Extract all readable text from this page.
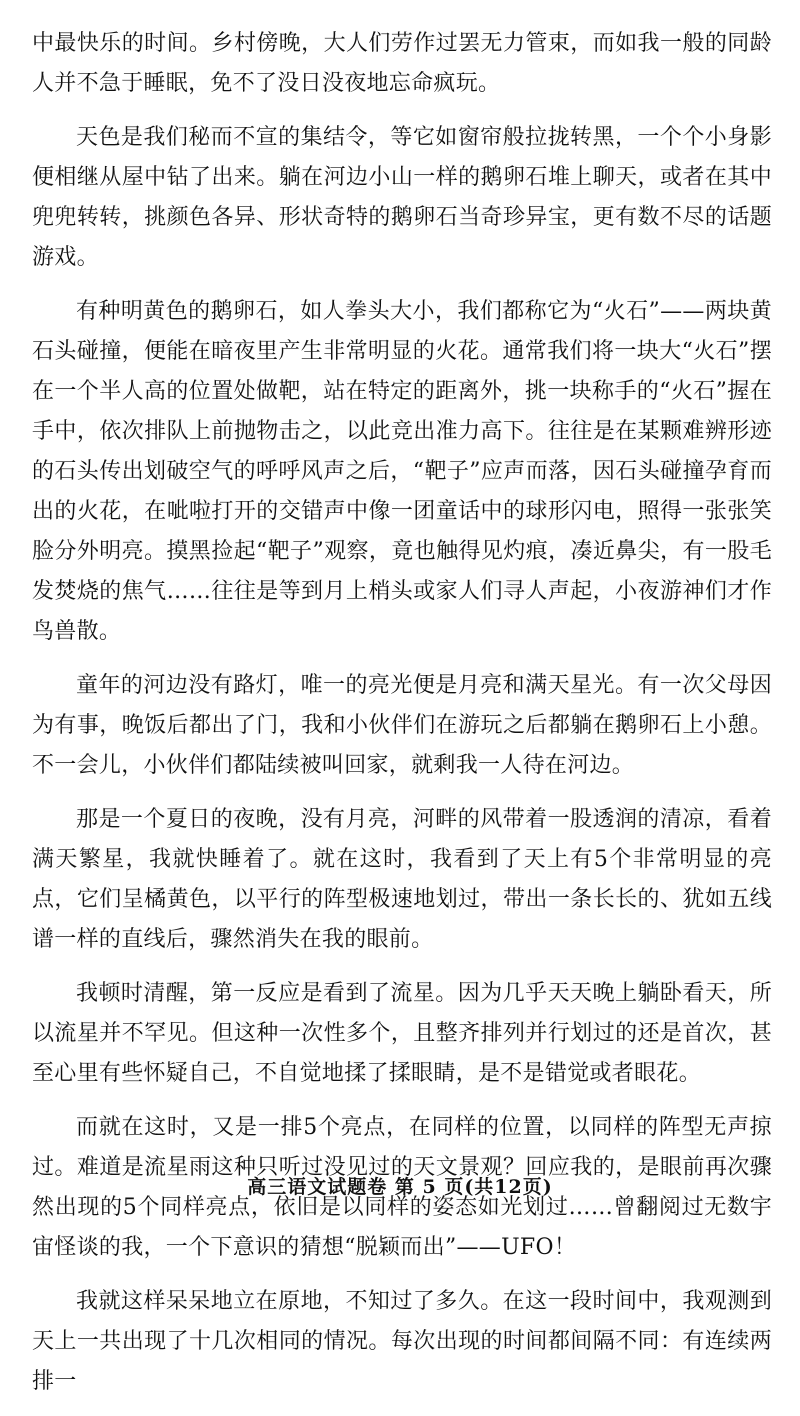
中最快乐的时间。乡村傍晚，大人们劳作过罢无力管束，而如我一般的同龄人并不急于睡眠，免不了没日没夜地忘命疯玩。

天色是我们秘而不宣的集结令，等它如窗帘般拉拢转黑，一个个小身影便相继从屋中钻了出来。躺在河边小山一样的鹅卵石堆上聊天，或者在其中兜兜转转，挑颜色各异、形状奇特的鹅卵石当奇珍异宝，更有数不尽的话题游戏。

有种明黄色的鹅卵石，如人拳头大小，我们都称它为“火石”——两块黄石头碰撞，便能在暗夜里产生非常明显的火花。通常我们将一块大“火石”摆在一个半人高的位置处做靶，站在特定的距离外，挑一块称手的“火石”握在手中，依次排队上前抛物击之，以此竞出准力高下。往往是在某颗难辨形迹的石头传出划破空气的呼呼风声之后，“靶子”应声而落，因石头碰撞孕育而出的火花，在呲啦打开的交错声中像一团童话中的球形闪电，照得一张张笑脸分外明亮。摸黑捡起“靶子”观察，竟也触得见灼痕，凑近鼻尖，有一股毛发焚烧的焦气……往往是等到月上梢头或家人们寻人声起，小夜游神们才作鸟兽散。

童年的河边没有路灯，唯一的亮光便是月亮和满天星光。有一次父母因为有事，晚饭后都出了门，我和小伙伴们在游玩之后都躺在鹅卵石上小憩。不一会儿，小伙伴们都陆续被叫回家，就剩我一人待在河边。

那是一个夏日的夜晚，没有月亮，河畔的风带着一股透润的清凉，看着满天繁星，我就快睡着了。就在这时，我看到了天上有5个非常明显的亮点，它们呈橘黄色，以平行的阵型极速地划过，带出一条长长的、犹如五线谱一样的直线后，骤然消失在我的眼前。

我顿时清醒，第一反应是看到了流星。因为几乎天天晚上躺卧看天，所以流星并不罕见。但这种一次性多个，且整齐排列并行划过的还是首次，甚至心里有些怀疑自己，不自觉地揉了揉眼睛，是不是错觉或者眼花。

而就在这时，又是一排5个亮点，在同样的位置，以同样的阵型无声掠过。难道是流星雨这种只听过没见过的天文景观？回应我的，是眼前再次骤然出现的5个同样亮点，依旧是以同样的姿态如光划过……曾翻阅过无数宇宙怪谈的我，一个下意识的猜想“脱颖而出”——UFO！

我就这样呆呆地立在原地，不知过了多久。在这一段时间中，我观测到天上一共出现了十几次相同的情况。每次出现的时间都间隔不同：有连续两排一

高三语文试题卷 第 5 页(共12页)
